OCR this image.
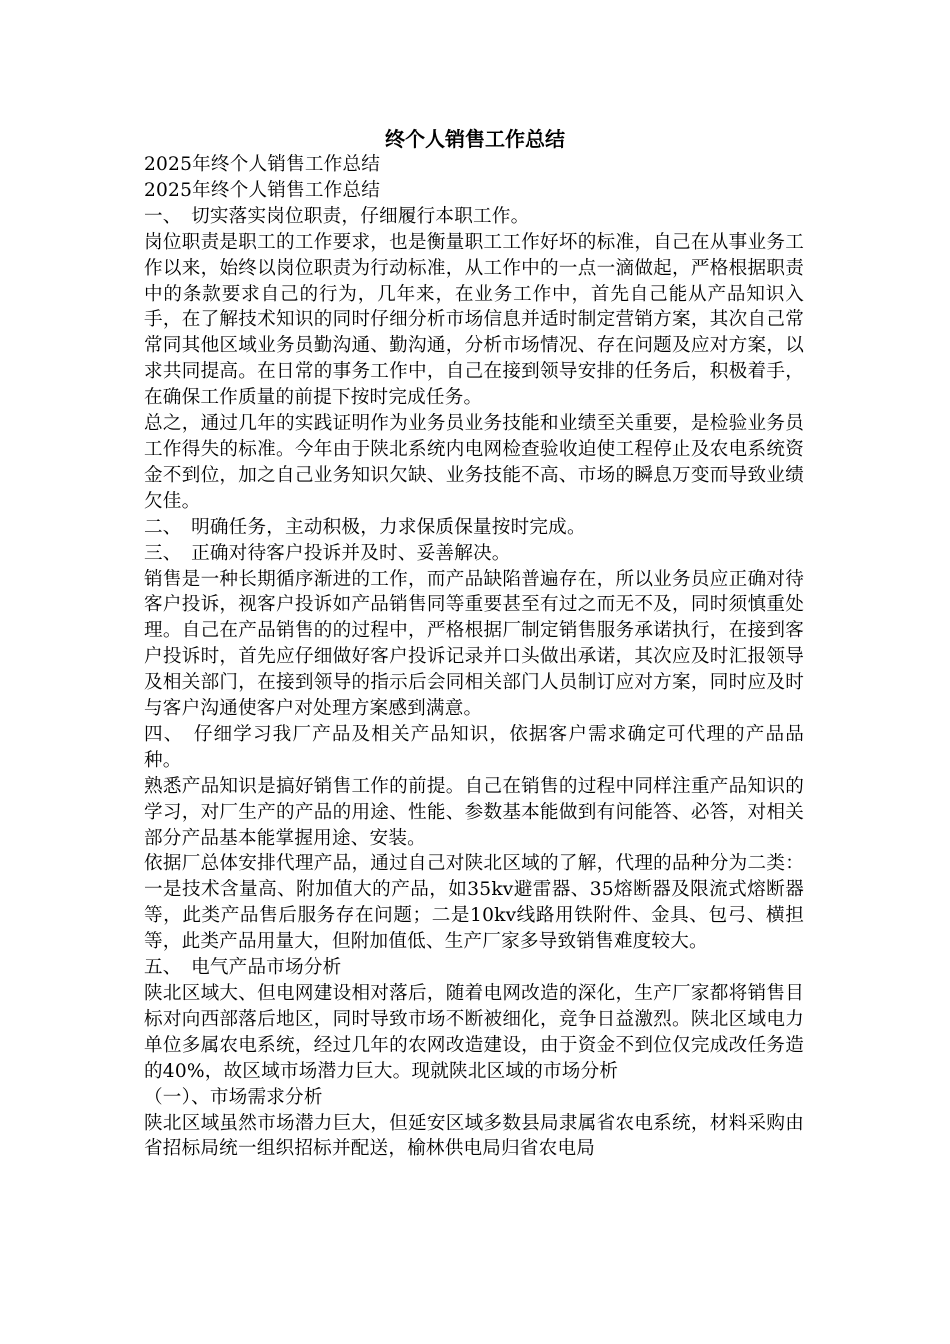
终个人销售工作总结

2025年终个人销售工作总结

2025年终个人销售工作总结

一、　切实落实岗位职责，仔细履行本职工作。

岗位职责是职工的工作要求，也是衡量职工工作好坏的标准，自己在从事业务工作以来，始终以岗位职责为行动标准，从工作中的一点一滴做起，严格根据职责中的条款要求自己的行为，几年来，在业务工作中，首先自己能从产品知识入手，在了解技术知识的同时仔细分析市场信息并适时制定营销方案，其次自己常常同其他区域业务员勤沟通、勤沟通，分析市场情况、存在问题及应对方案，以求共同提高。在日常的事务工作中，自己在接到领导安排的任务后，积极着手，在确保工作质量的前提下按时完成任务。

总之，通过几年的实践证明作为业务员业务技能和业绩至关重要，是检验业务员工作得失的标准。今年由于陕北系统内电网检查验收迫使工程停止及农电系统资金不到位，加之自己业务知识欠缺、业务技能不高、市场的瞬息万变而导致业绩欠佳。

二、　明确任务，主动积极，力求保质保量按时完成。

三、　正确对待客户投诉并及时、妥善解决。

销售是一种长期循序渐进的工作，而产品缺陷普遍存在，所以业务员应正确对待客户投诉，视客户投诉如产品销售同等重要甚至有过之而无不及，同时须慎重处理。自己在产品销售的的过程中，严格根据厂制定销售服务承诺执行，在接到客户投诉时，首先应仔细做好客户投诉记录并口头做出承诺，其次应及时汇报领导及相关部门，在接到领导的指示后会同相关部门人员制订应对方案，同时应及时与客户沟通使客户对处理方案感到满意。

四、　仔细学习我厂产品及相关产品知识，依据客户需求确定可代理的产品品种。

熟悉产品知识是搞好销售工作的前提。自己在销售的过程中同样注重产品知识的学习，对厂生产的产品的用途、性能、参数基本能做到有问能答、必答，对相关部分产品基本能掌握用途、安装。

依据厂总体安排代理产品，通过自己对陕北区域的了解，代理的品种分为二类：一是技术含量高、附加值大的产品，如35kv避雷器、35熔断器及限流式熔断器等，此类产品售后服务存在问题；二是10kv线路用铁附件、金具、包弓、横担等，此类产品用量大，但附加值低、生产厂家多导致销售难度较大。

五、　电气产品市场分析

陕北区域大、但电网建设相对落后，随着电网改造的深化，生产厂家都将销售目标对向西部落后地区，同时导致市场不断被细化，竞争日益激烈。陕北区域电力单位多属农电系统，经过几年的农网改造建设，由于资金不到位仅完成改任务造的40%，故区域市场潜力巨大。现就陕北区域的市场分析

（一）、市场需求分析

陕北区域虽然市场潜力巨大，但延安区域多数县局隶属省农电系统，材料采购由省招标局统一组织招标并配送，榆林供电局归省农电局
